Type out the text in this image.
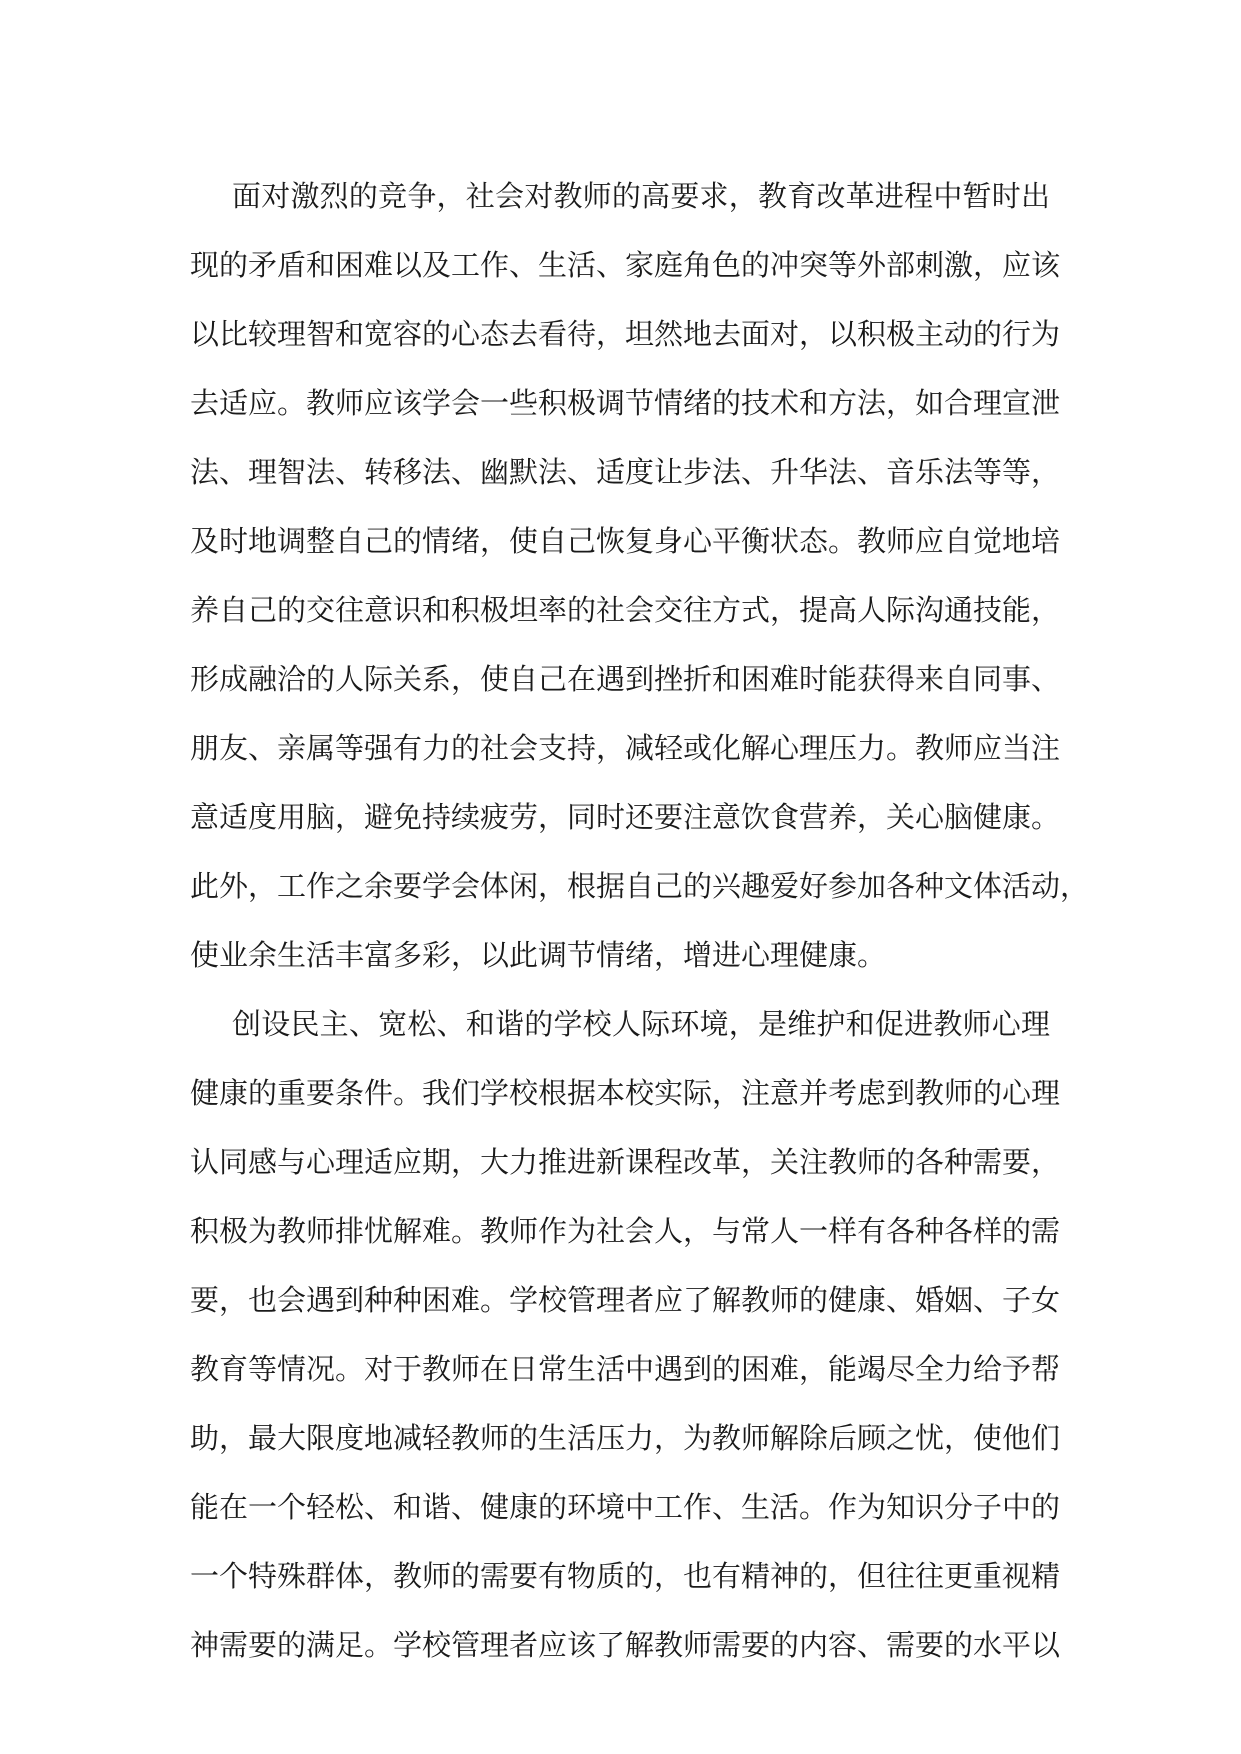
面对激烈的竞争，社会对教师的高要求，教育改革进程中暂时出
现的矛盾和困难以及工作、生活、家庭角色的冲突等外部刺激，应该
以比较理智和宽容的心态去看待，坦然地去面对，以积极主动的行为
去适应。教师应该学会一些积极调节情绪的技术和方法，如合理宣泄
法、理智法、转移法、幽默法、适度让步法、升华法、音乐法等等，
及时地调整自己的情绪，使自己恢复身心平衡状态。教师应自觉地培
养自己的交往意识和积极坦率的社会交往方式，提高人际沟通技能，
形成融洽的人际关系，使自己在遇到挫折和困难时能获得来自同事、
朋友、亲属等强有力的社会支持，减轻或化解心理压力。教师应当注
意适度用脑，避免持续疲劳，同时还要注意饮食营养，关心脑健康。
此外，工作之余要学会体闲，根据自己的兴趣爱好参加各种文体活动，
使业余生活丰富多彩，以此调节情绪，增进心理健康。
创设民主、宽松、和谐的学校人际环境，是维护和促进教师心理
健康的重要条件。我们学校根据本校实际，注意并考虑到教师的心理
认同感与心理适应期，大力推进新课程改革，关注教师的各种需要，
积极为教师排忧解难。教师作为社会人，与常人一样有各种各样的需
要，也会遇到种种困难。学校管理者应了解教师的健康、婚姻、子女
教育等情况。对于教师在日常生活中遇到的困难，能竭尽全力给予帮
助，最大限度地减轻教师的生活压力，为教师解除后顾之忧，使他们
能在一个轻松、和谐、健康的环境中工作、生活。作为知识分子中的
一个特殊群体，教师的需要有物质的，也有精神的，但往往更重视精
神需要的满足。学校管理者应该了解教师需要的内容、需要的水平以
